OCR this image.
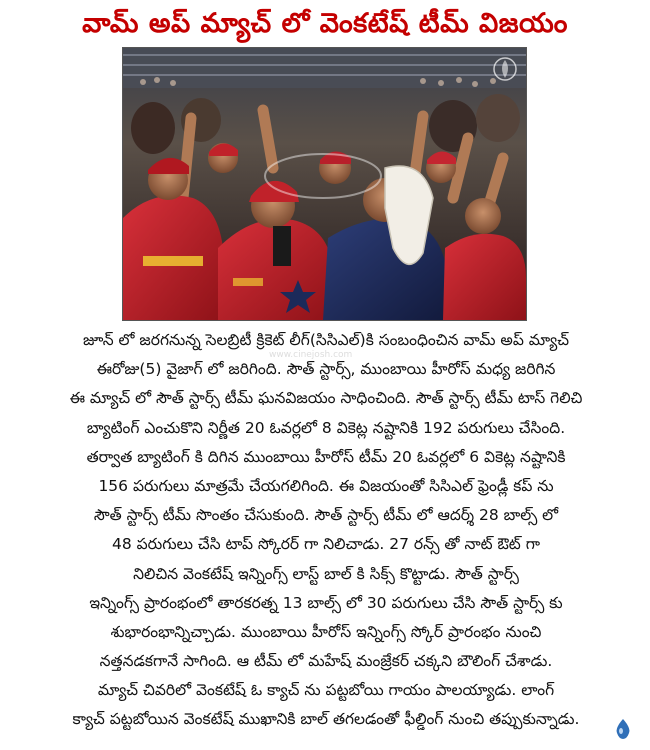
వామ్ అప్ మ్యాచ్ లో వెంకటేష్ టీమ్ విజయం
www.cinejosh.com
జూన్ లో జరగనున్న సెలబ్రిటీ క్రికెట్ లీగ్(సిసిఎల్)కి సంబంధించిన వామ్ అప్ మ్యాచ్
ఈరోజు(5) వైజాగ్ లో జరిగింది. సౌత్ స్టార్స్, ముంబాయి హీరోస్ మధ్య జరిగిన
ఈ మ్యాచ్ లో సౌత్ స్టార్స్ టీమ్ ఘనవిజయం సాధించింది. సౌత్ స్టార్స్ టీమ్ టాస్ గెలిచి
బ్యాటింగ్ ఎంచుకొని నిర్ణీత 20 ఓవర్లలో 8 వికెట్ల నష్టానికి 192 పరుగులు చేసింది.
తర్వాత బ్యాటింగ్ కి దిగిన ముంబాయి హీరోస్ టీమ్ 20 ఓవర్లలో 6 వికెట్ల నష్టానికి
156 పరుగులు మాత్రమే చేయగలిగింది. ఈ విజయంతో సిసిఎల్ ఫ్రెండ్లీ కప్ ను
సౌత్ స్టార్స్ టీమ్ సొంతం చేసుకుంది. సౌత్ స్టార్స్ టీమ్ లో ఆదర్శ్ 28 బాల్స్ లో
48 పరుగులు చేసి టాప్ స్కోరర్ గా నిలిచాడు. 27 రన్స్ తో నాట్ ఔట్ గా
నిలిచిన వెంకటేష్ ఇన్నింగ్స్ లాస్ట్ బాల్ కి సిక్స్ కొట్టాడు. సౌత్ స్టార్స్
ఇన్నింగ్స్ ప్రారంభంలో తారకరత్న 13 బాల్స్ లో 30 పరుగులు చేసి సౌత్ స్టార్స్ కు
శుభారంభాన్నిచ్చాడు. ముంబాయి హీరోస్ ఇన్నింగ్స్ స్కోర్ ప్రారంభం నుంచి
నత్తనడకగానే సాగింది. ఆ టీమ్ లో మహేష్ మంజ్రేకర్ చక్కని బౌలింగ్ చేశాడు.
మ్యాచ్ చివరిలో వెంకటేష్ ఓ క్యాచ్ ను పట్టబోయి గాయం పాలయ్యాడు. లాంగ్
క్యాచ్ పట్టబోయిన వెంకటేష్ ముఖానికి బాల్ తగలడంతో ఫీల్డింగ్ నుంచి తప్పుకున్నాడు.
